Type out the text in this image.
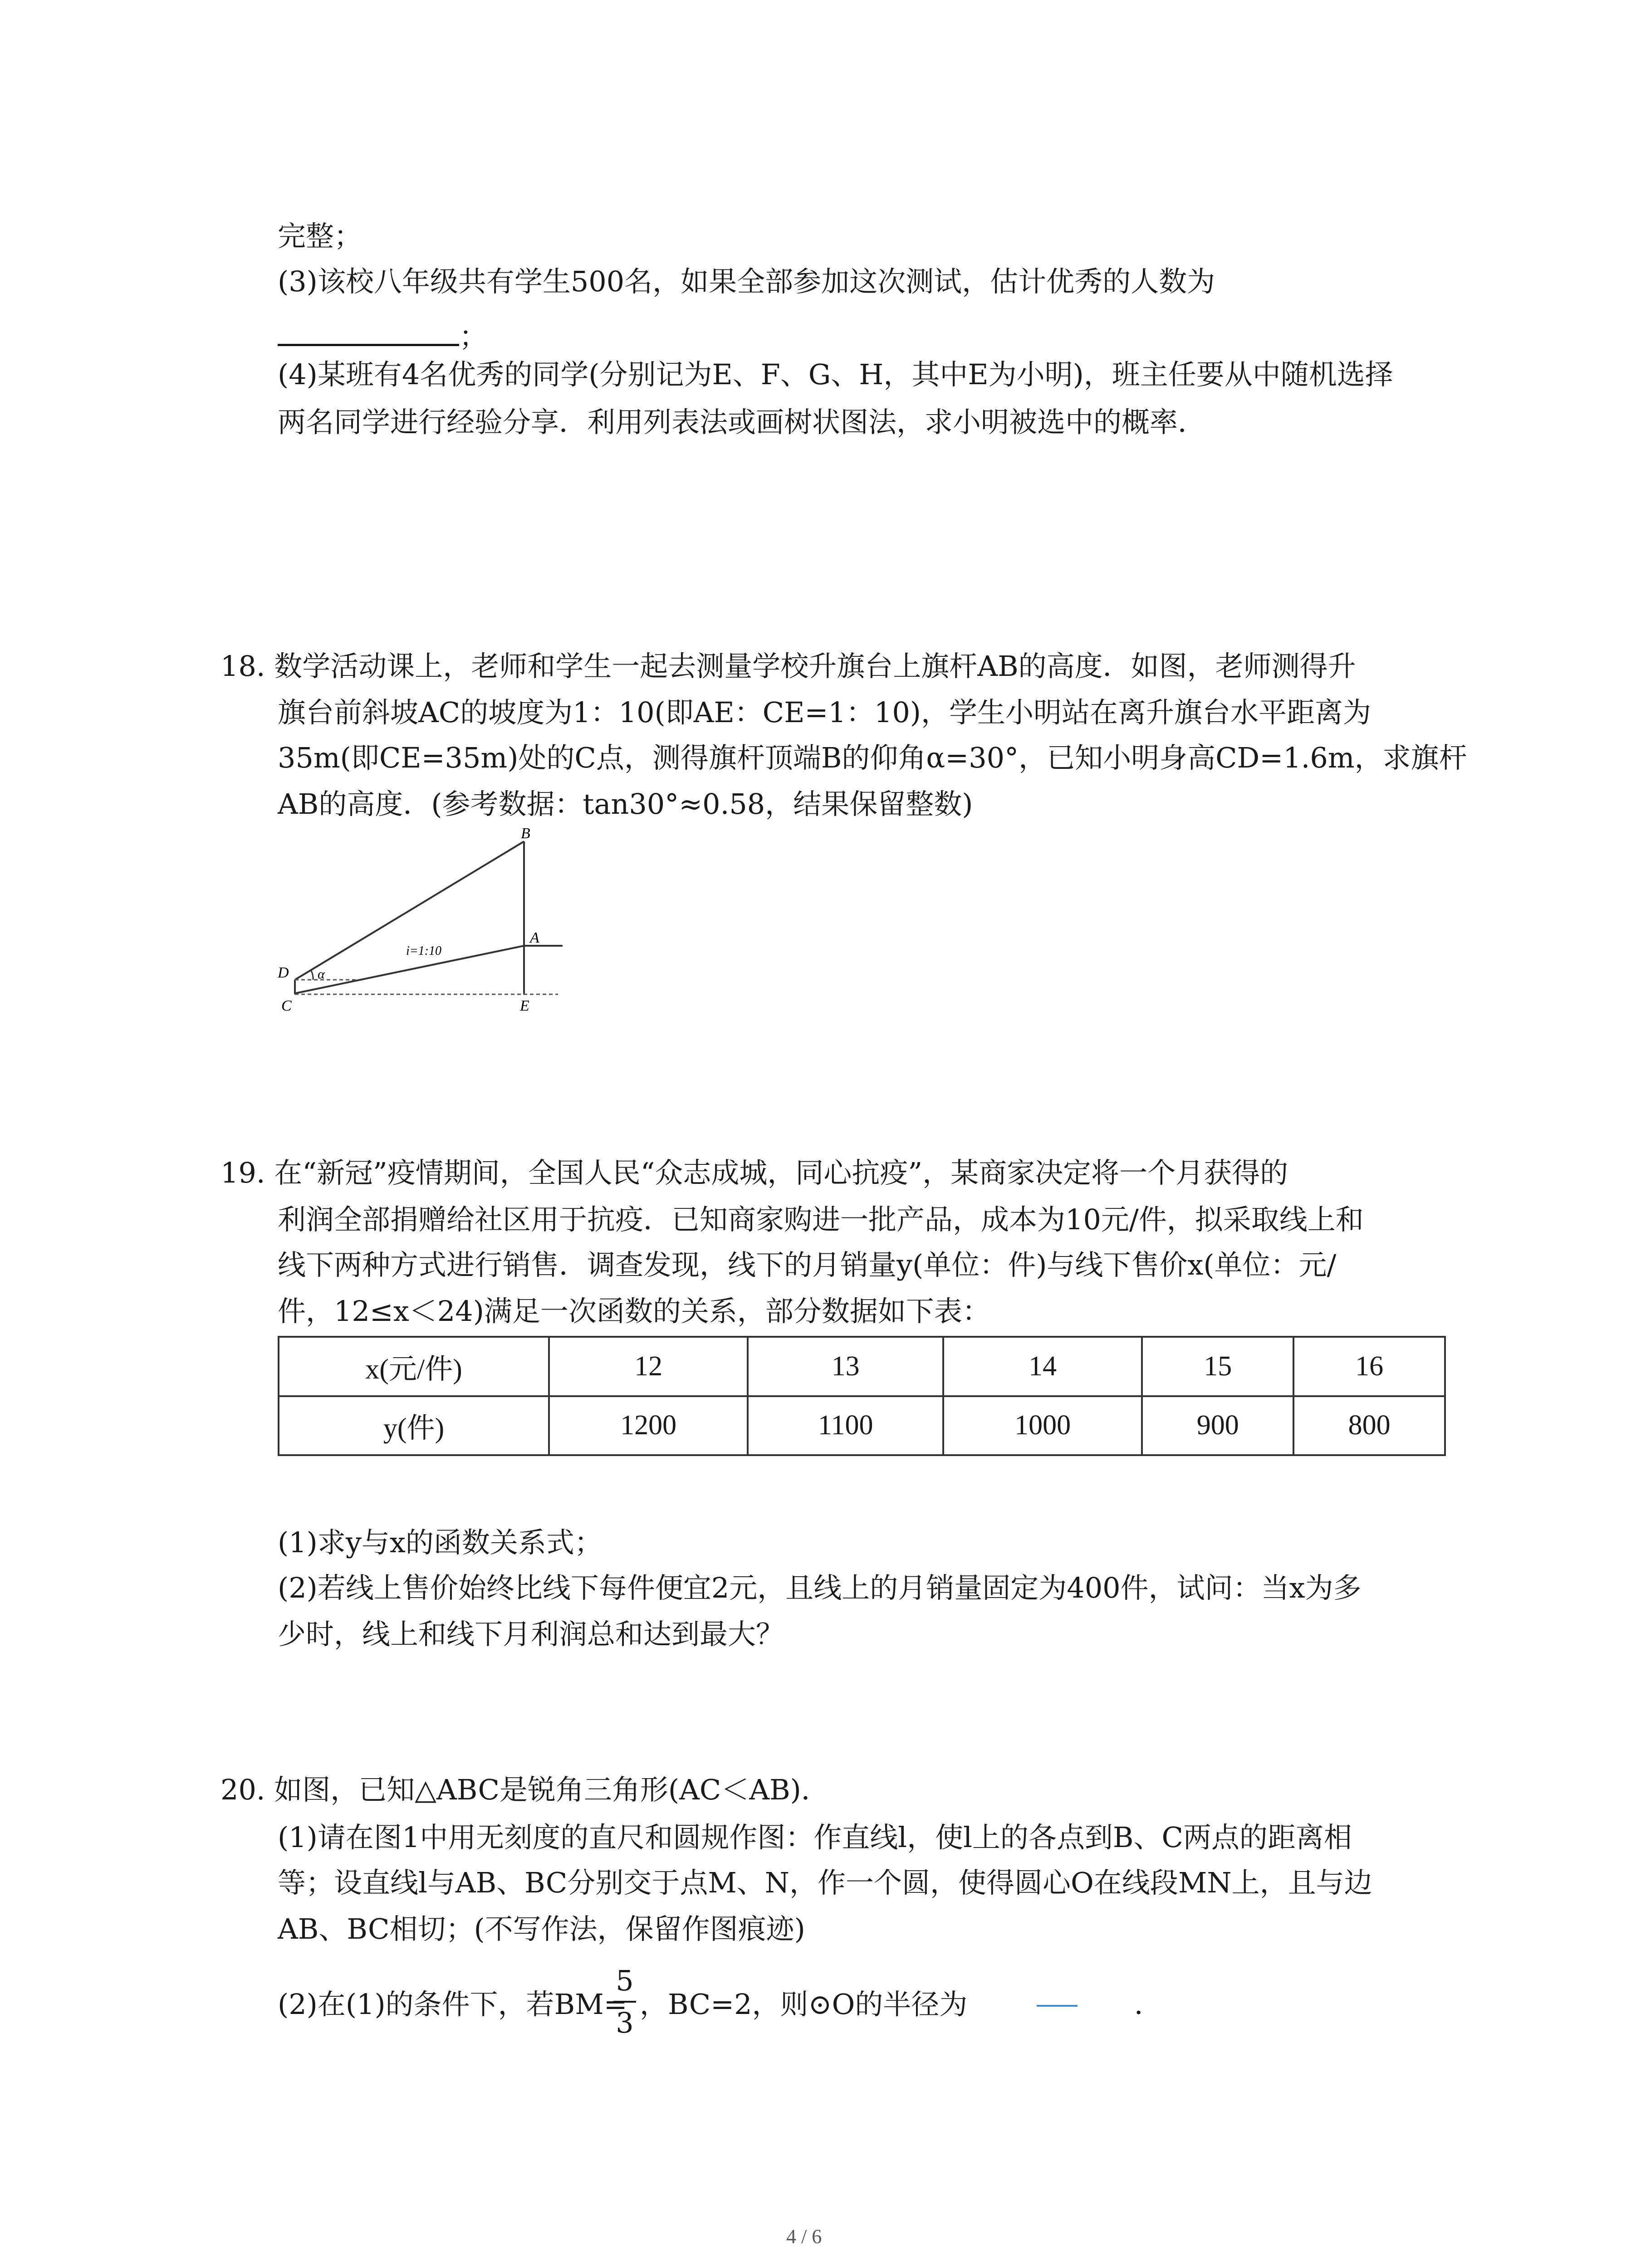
完整；
(3)该校八年级共有学生500名，如果全部参加这次测试，估计优秀的人数为
；
(4)某班有4名优秀的同学(分别记为E、F、G、H，其中E为小明)，班主任要从中随机选择
两名同学进行经验分享．利用列表法或画树状图法，求小明被选中的概率．
18. 数学活动课上，老师和学生一起去测量学校升旗台上旗杆AB的高度．如图，老师测得升
旗台前斜坡AC的坡度为1：10(即AE：CE=1：10)，学生小明站在离升旗台水平距离为
35m(即CE=35m)处的C点，测得旗杆顶端B的仰角α=30°，已知小明身高CD=1.6m，求旗杆
AB的高度．(参考数据：tan30°≈0.58，结果保留整数)
B
A
D
C	E
α
i=1:10
19. 在“新冠”疫情期间，全国人民“众志成城，同心抗疫”，某商家决定将一个月获得的
利润全部捐赠给社区用于抗疫．已知商家购进一批产品，成本为10元/件，拟采取线上和
线下两种方式进行销售．调查发现，线下的月销量y(单位：件)与线下售价x(单位：元/
件，12≤x＜24)满足一次函数的关系，部分数据如下表：
x(元/件)	12	13	14	15	16
y(件)	1200	1100	1000	900	800
(1)求y与x的函数关系式；
(2)若线上售价始终比线下每件便宜2元，且线上的月销量固定为400件，试问：当x为多
少时，线上和线下月利润总和达到最大？
20. 如图，已知△ABC是锐角三角形(AC＜AB)．
(1)请在图1中用无刻度的直尺和圆规作图：作直线l，使l上的各点到B、C两点的距离相
等；设直线l与AB、BC分别交于点M、N，作一个圆，使得圆心O在线段MN上，且与边
AB、BC相切；(不写作法，保留作图痕迹)
(2)在(1)的条件下，若BM=
$\frac{5}{3}$ ，BC=2，则⊙O的半径为	．
4 / 6
